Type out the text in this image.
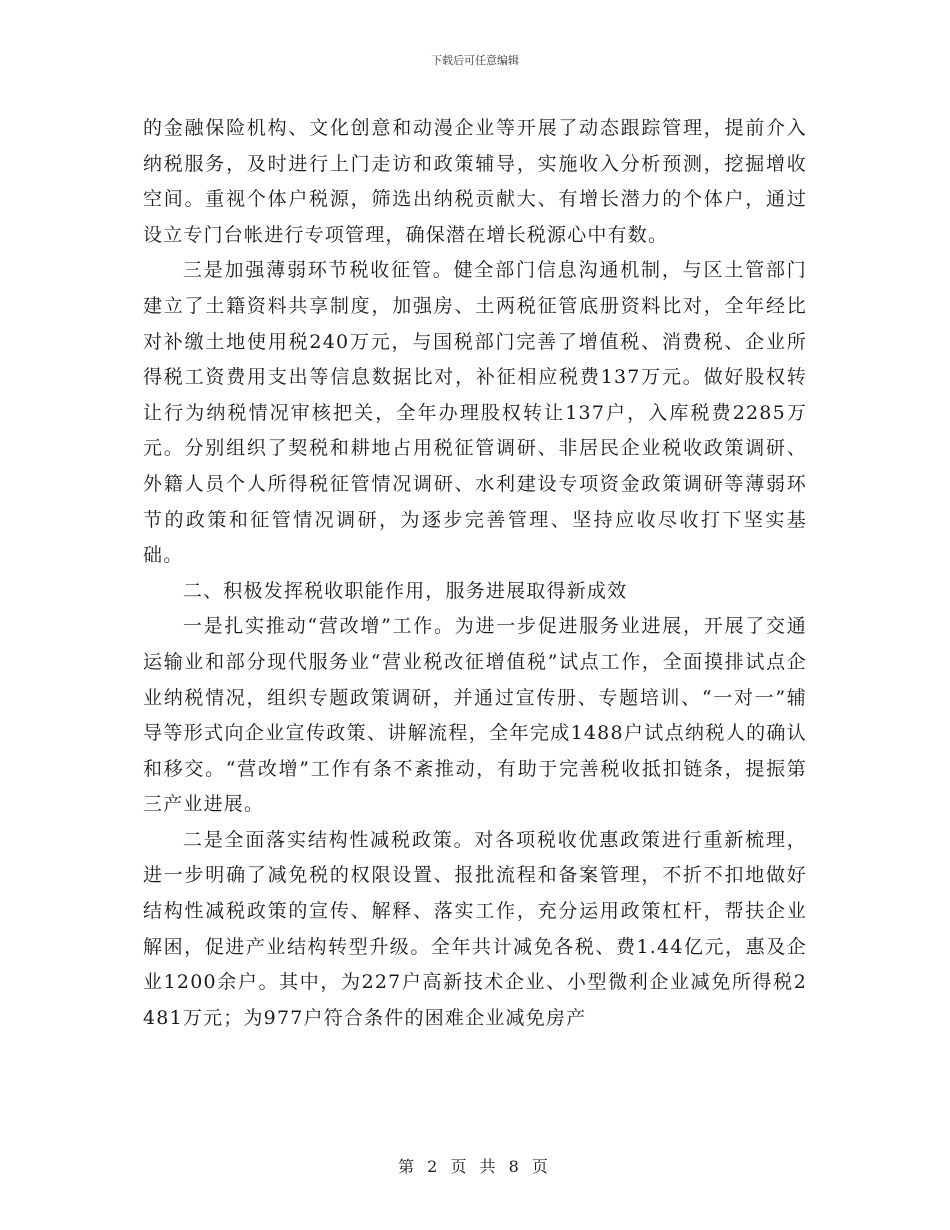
下载后可任意编辑

的金融保险机构、文化创意和动漫企业等开展了动态跟踪管理，提前介入纳税服务，及时进行上门走访和政策辅导，实施收入分析预测，挖掘增收空间。重视个体户税源，筛选出纳税贡献大、有增长潜力的个体户，通过设立专门台帐进行专项管理，确保潜在增长税源心中有数。

三是加强薄弱环节税收征管。健全部门信息沟通机制，与区土管部门建立了土籍资料共享制度，加强房、土两税征管底册资料比对，全年经比对补缴土地使用税240万元，与国税部门完善了增值税、消费税、企业所得税工资费用支出等信息数据比对，补征相应税费137万元。做好股权转让行为纳税情况审核把关，全年办理股权转让137户，入库税费2285万元。分别组织了契税和耕地占用税征管调研、非居民企业税收政策调研、外籍人员个人所得税征管情况调研、水利建设专项资金政策调研等薄弱环节的政策和征管情况调研，为逐步完善管理、坚持应收尽收打下坚实基础。

二、积极发挥税收职能作用，服务进展取得新成效

一是扎实推动“营改增”工作。为进一步促进服务业进展，开展了交通运输业和部分现代服务业“营业税改征增值税”试点工作，全面摸排试点企业纳税情况，组织专题政策调研，并通过宣传册、专题培训、“一对一”辅导等形式向企业宣传政策、讲解流程，全年完成1488户试点纳税人的确认和移交。“营改增”工作有条不紊推动，有助于完善税收抵扣链条，提振第三产业进展。

二是全面落实结构性减税政策。对各项税收优惠政策进行重新梳理，进一步明确了减免税的权限设置、报批流程和备案管理，不折不扣地做好结构性减税政策的宣传、解释、落实工作，充分运用政策杠杆，帮扶企业解困，促进产业结构转型升级。全年共计减免各税、费1.44亿元，惠及企业1200余户。其中，为227户高新技术企业、小型微利企业减免所得税2481万元；为977户符合条件的困难企业减免房产

第 2 页 共 8 页
